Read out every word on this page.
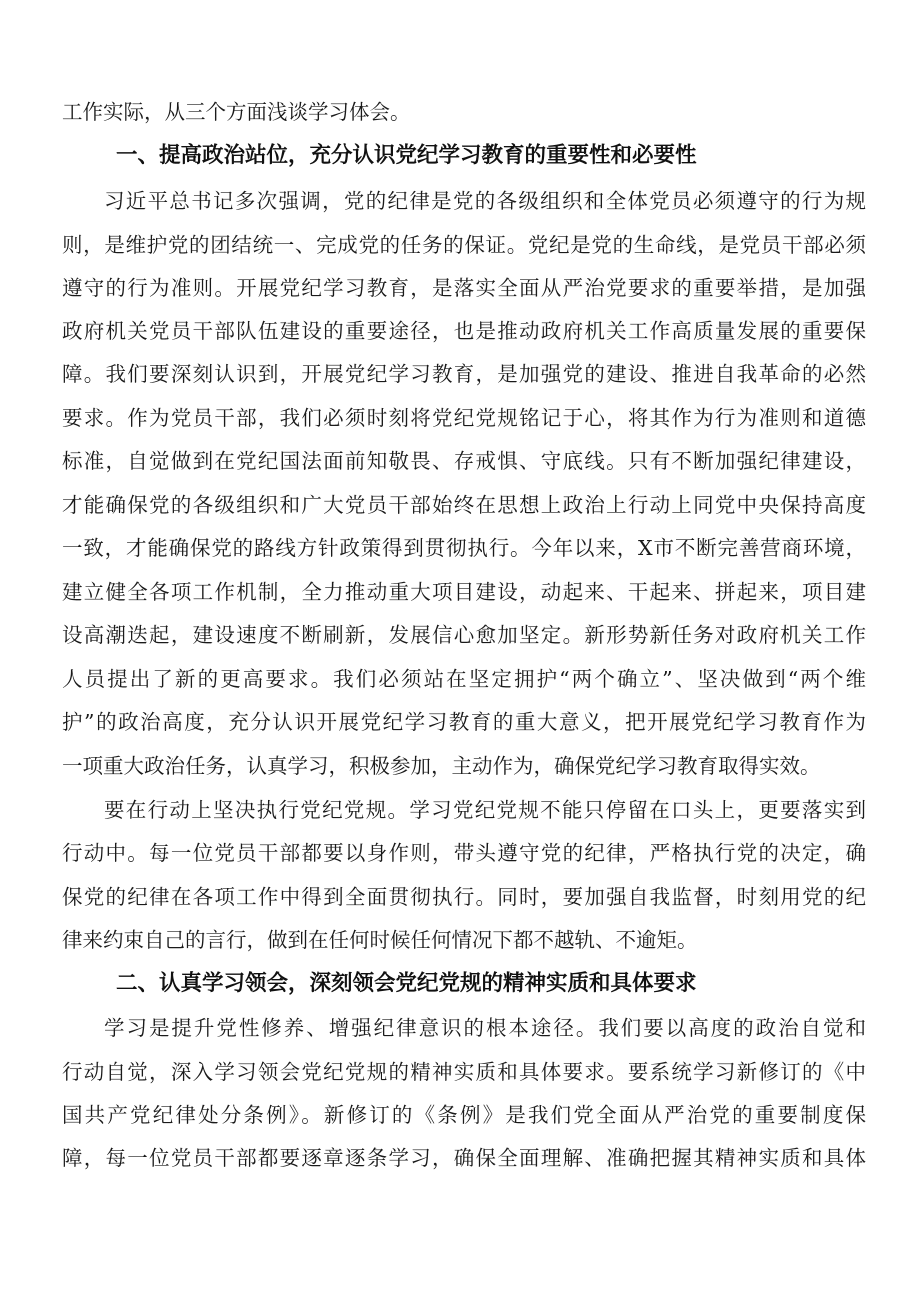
工作实际，从三个方面浅谈学习体会。
一、提高政治站位，充分认识党纪学习教育的重要性和必要性
习近平总书记多次强调，党的纪律是党的各级组织和全体党员必须遵守的行为规
则，是维护党的团结统一、完成党的任务的保证。党纪是党的生命线，是党员干部必须
遵守的行为准则。开展党纪学习教育，是落实全面从严治党要求的重要举措，是加强
政府机关党员干部队伍建设的重要途径，也是推动政府机关工作高质量发展的重要保
障。我们要深刻认识到，开展党纪学习教育，是加强党的建设、推进自我革命的必然
要求。作为党员干部，我们必须时刻将党纪党规铭记于心，将其作为行为准则和道德
标准，自觉做到在党纪国法面前知敬畏、存戒惧、守底线。只有不断加强纪律建设，
才能确保党的各级组织和广大党员干部始终在思想上政治上行动上同党中央保持高度
一致，才能确保党的路线方针政策得到贯彻执行。今年以来，X市不断完善营商环境，
建立健全各项工作机制，全力推动重大项目建设，动起来、干起来、拼起来，项目建
设高潮迭起，建设速度不断刷新，发展信心愈加坚定。新形势新任务对政府机关工作
人员提出了新的更高要求。我们必须站在坚定拥护“两个确立”、坚决做到“两个维
护”的政治高度，充分认识开展党纪学习教育的重大意义，把开展党纪学习教育作为
一项重大政治任务，认真学习，积极参加，主动作为，确保党纪学习教育取得实效。
要在行动上坚决执行党纪党规。学习党纪党规不能只停留在口头上，更要落实到
行动中。每一位党员干部都要以身作则，带头遵守党的纪律，严格执行党的决定，确
保党的纪律在各项工作中得到全面贯彻执行。同时，要加强自我监督，时刻用党的纪
律来约束自己的言行，做到在任何时候任何情况下都不越轨、不逾矩。
二、认真学习领会，深刻领会党纪党规的精神实质和具体要求
学习是提升党性修养、增强纪律意识的根本途径。我们要以高度的政治自觉和
行动自觉，深入学习领会党纪党规的精神实质和具体要求。要系统学习新修订的《中
国共产党纪律处分条例》。新修订的《条例》是我们党全面从严治党的重要制度保
障，每一位党员干部都要逐章逐条学习，确保全面理解、准确把握其精神实质和具体
